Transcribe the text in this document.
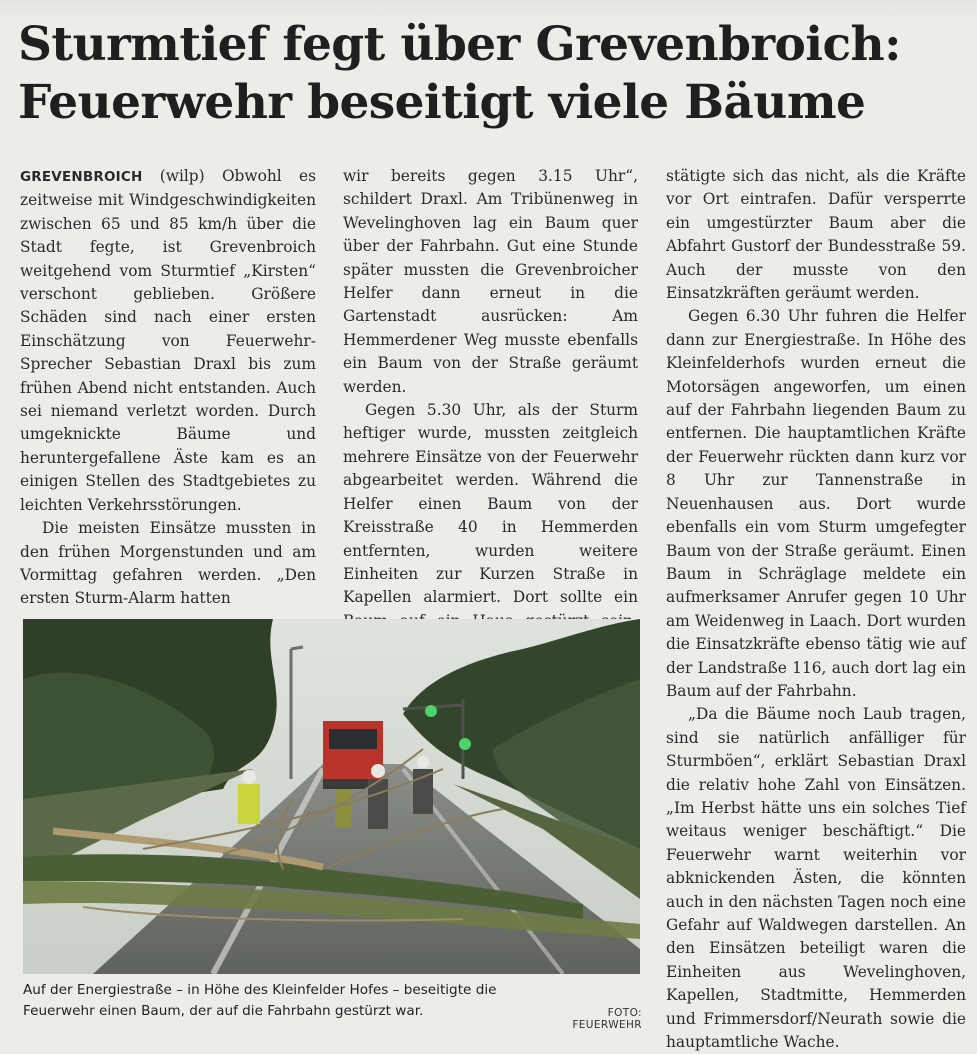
Sturmtief fegt über Grevenbroich:
Feuerwehr beseitigt viele Bäume

GREVENBROICH (wilp) Obwohl es zeitweise mit Windgeschwindigkeiten zwischen 65 und 85 km/h über die Stadt fegte, ist Grevenbroich weitgehend vom Sturmtief „Kirsten“ verschont geblieben. Größere Schäden sind nach einer ersten Einschätzung von Feuerwehr-Sprecher Sebastian Draxl bis zum frühen Abend nicht entstanden. Auch sei niemand verletzt worden. Durch umgeknickte Bäume und heruntergefallene Äste kam es an einigen Stellen des Stadtgebietes zu leichten Verkehrsstörungen.

Die meisten Einsätze mussten in den frühen Morgenstunden und am Vormittag gefahren werden. „Den ersten Sturm-Alarm hatten

wir bereits gegen 3.15 Uhr“, schildert Draxl. Am Tribünenweg in Wevelinghoven lag ein Baum quer über der Fahrbahn. Gut eine Stunde später mussten die Grevenbroicher Helfer dann erneut in die Gartenstadt ausrücken: Am Hemmerdener Weg musste ebenfalls ein Baum von der Straße geräumt werden.

Gegen 5.30 Uhr, als der Sturm heftiger wurde, mussten zeitgleich mehrere Einsätze von der Feuerwehr abgearbeitet werden. Während die Helfer einen Baum von der Kreisstraße 40 in Hemmerden entfernten, wurden weitere Einheiten zur Kurzen Straße in Kapellen alarmiert. Dort sollte ein

stätigte sich das nicht, als die Kräfte vor Ort eintrafen. Dafür versperrte ein umgestürzter Baum aber die Abfahrt Gustorf der Bundesstraße 59. Auch der musste von den Einsatzkräften geräumt werden.

Gegen 6.30 Uhr fuhren die Helfer dann zur Energiestraße. In Höhe des Kleinfelderhofs wurden erneut die Motorsägen angeworfen, um einen auf der Fahrbahn liegenden Baum zu entfernen. Die hauptamtlichen Kräfte der Feuerwehr rückten dann kurz vor 8 Uhr zur Tannenstraße in Neuenhausen aus. Dort wurde ebenfalls ein vom Sturm umgefegter Baum von der Straße geräumt. Einen Baum in Schräglage meldete ein aufmerksamer Anrufer gegen 10 Uhr am Weidenweg in Laach. Dort wurden die Einsatzkräfte ebenso tätig wie auf der Landstraße 116, auch dort lag ein Baum auf der Fahrbahn.

„Da die Bäume noch Laub tragen, sind sie natürlich anfälliger für Sturmböen“, erklärt Sebastian Draxl die relativ hohe Zahl von Einsätzen. „Im Herbst hätte uns ein solches Tief weitaus weniger beschäftigt.“ Die Feuerwehr warnt weiterhin vor abknickenden Ästen, die könnten auch in den nächsten Tagen noch eine Gefahr auf Waldwegen darstellen. An den Einsätzen beteiligt waren die Einheiten aus Wevelinghoven, Kapellen, Stadtmitte, Hemmerden und Frimmersdorf/Neurath sowie die hauptamtliche Wache.

Auf der Energiestraße – in Höhe des Kleinfelder Hofes – beseitigte die Feuerwehr einen Baum, der auf die Fahrbahn gestürzt war.	FOTO: FEUERWEHR
